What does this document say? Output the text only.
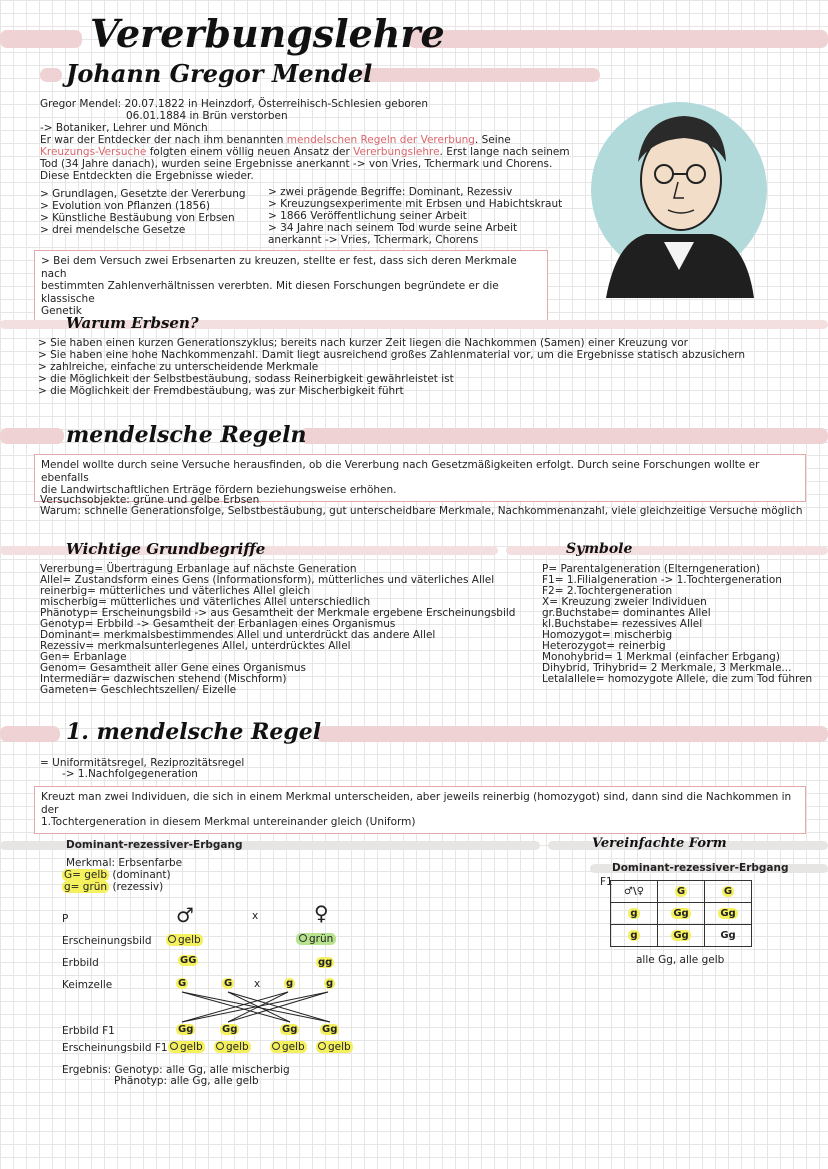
Vererbungslehre
Johann Gregor Mendel
Gregor Mendel: 20.07.1822 in Heinzdorf, Österreihisch-Schlesien geboren
06.01.1884 in Brün verstorben
-> Botaniker, Lehrer und Mönch
Er war der Entdecker der nach ihm benannten mendelschen Regeln der Vererbung. Seine
Kreuzungs-Versuche folgten einem völlig neuen Ansatz der Vererbungslehre. Erst lange nach seinem
Tod (34 Jahre danach), wurden seine Ergebnisse anerkannt -> von Vries, Tchermark und Chorens.
Diese Entdeckten die Ergebnisse wieder.
> Grundlagen, Gesetzte der Vererbung
> Evolution von Pflanzen (1856)
> Künstliche Bestäubung von Erbsen
> drei mendelsche Gesetze
> zwei prägende Begriffe: Dominant, Rezessiv
> Kreuzungsexperimente mit Erbsen und Habichtskraut
> 1866 Veröffentlichung seiner Arbeit
> 34 Jahre nach seinem Tod wurde seine Arbeit
anerkannt -> Vries, Tchermark, Chorens
> Bei dem Versuch zwei Erbsenarten zu kreuzen, stellte er fest, dass sich deren Merkmale nach
bestimmten Zahlenverhältnissen vererbten. Mit diesen Forschungen begründete er die klassische
Genetik
Warum Erbsen?
> Sie haben einen kurzen Generationszyklus; bereits nach kurzer Zeit liegen die Nachkommen (Samen) einer Kreuzung vor
> Sie haben eine hohe Nachkommenzahl. Damit liegt ausreichend großes Zahlenmaterial vor, um die Ergebnisse statisch abzusichern
> zahlreiche, einfache zu unterscheidende Merkmale
> die Möglichkeit der Selbstbestäubung, sodass Reinerbigkeit gewährleistet ist
> die Möglichkeit der Fremdbestäubung, was zur Mischerbigkeit führt
mendelsche Regeln
Mendel wollte durch seine Versuche herausfinden, ob die Vererbung nach Gesetzmäßigkeiten erfolgt. Durch seine Forschungen wollte er ebenfalls
die Landwirtschaftlichen Erträge fördern beziehungsweise erhöhen.
Versuchsobjekte: grüne und gelbe Erbsen
Warum: schnelle Generationsfolge, Selbstbestäubung, gut unterscheidbare Merkmale, Nachkommenanzahl, viele gleichzeitige Versuche möglich
Wichtige Grundbegriffe	Symbole
Vererbung= Übertragung Erbanlage auf nächste Generation
Allel= Zustandsform eines Gens (Informationsform), mütterliches und väterliches Allel
reinerbig= mütterliches und väterliches Allel gleich
mischerbig= mütterliches und väterliches Allel unterschiedlich
Phänotyp= Erscheinungsbild -> aus Gesamtheit der Merkmale ergebene Erscheinungsbild
Genotyp= Erbbild -> Gesamtheit der Erbanlagen eines Organismus
Dominant= merkmalsbestimmendes Allel und unterdrückt das andere Allel
Rezessiv= merkmalsunterlegenes Allel, unterdrücktes Allel
Gen= Erbanlage
Genom= Gesamtheit aller Gene eines Organismus
Intermediär= dazwischen stehend (Mischform)
Gameten= Geschlechtszellen/ Eizelle
P= Parentalgeneration (Elterngeneration)
F1= 1.Filialgeneration -> 1.Tochtergeneration
F2= 2.Tochtergeneration
X= Kreuzung zweier Individuen
gr.Buchstabe= dominantes Allel
kl.Buchstabe= rezessives Allel
Homozygot= mischerbig
Heterozygot= reinerbig
Monohybrid= 1 Merkmal (einfacher Erbgang)
Dihybrid, Trihybrid= 2 Merkmale, 3 Merkmale...
Letalallele= homozygote Allele, die zum Tod führen
1. mendelsche Regel
= Uniformitätsregel, Reziprozitätsregel
-> 1.Nachfolgegeneration
Kreuzt man zwei Individuen, die sich in einem Merkmal unterscheiden, aber jeweils reinerbig (homozygot) sind, dann sind die Nachkommen in der
1.Tochtergeneration in diesem Merkmal untereinander gleich (Uniform)
Dominant-rezessiver-Erbgang
Merkmal: Erbsenfarbe
G= gelb (dominant)
g= grün (rezessiv)
P	♂	x	♀
Erscheinungsbild	gelb	grün
Erbbild	GG	gg
Keimzelle	G	G x	g	g
Erbbild F1	Gg	Gg	Gg Gg
Erscheinungsbild F1	gelb	gelb	gelb	gelb
Ergebnis: Genotyp: alle Gg, alle mischerbig
Phänotyp: alle Gg, alle gelb
Vereinfachte Form
Dominant-rezessiver-Erbgang
F1
♂\♀	G	G
g	Gg	Gg
g	Gg	Gg
alle Gg, alle gelb
